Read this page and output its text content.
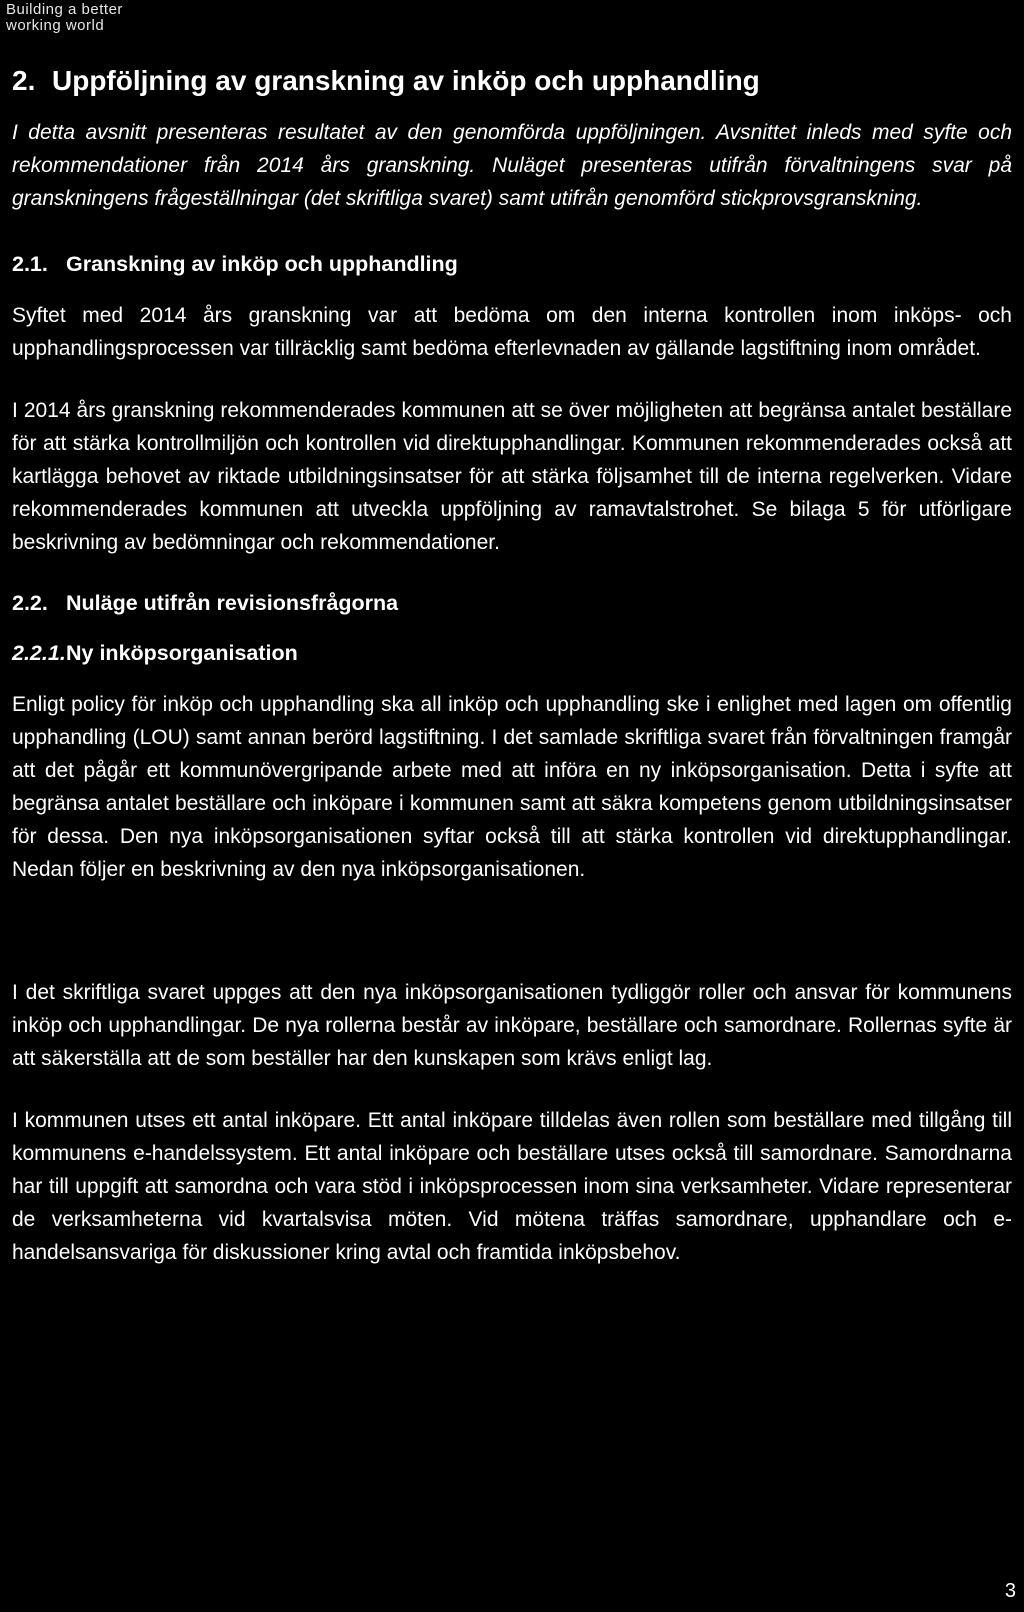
Building a better
working world
2. Uppföljning av granskning av inköp och upphandling

I detta avsnitt presenteras resultatet av den genomförda uppföljningen. Avsnittet inleds med syfte och rekommendationer från 2014 års granskning. Nuläget presenteras utifrån förvaltningens svar på granskningens frågeställningar (det skriftliga svaret) samt utifrån genomförd stickprovsgranskning.

2.1. Granskning av inköp och upphandling

Syftet med 2014 års granskning var att bedöma om den interna kontrollen inom inköps- och upphandlingsprocessen var tillräcklig samt bedöma efterlevnaden av gällande lagstiftning inom området.

I 2014 års granskning rekommenderades kommunen att se över möjligheten att begränsa antalet beställare för att stärka kontrollmiljön och kontrollen vid direktupphandlingar. Kommunen rekommenderades också att kartlägga behovet av riktade utbildningsinsatser för att stärka följsamhet till de interna regelverken. Vidare rekommenderades kommunen att utveckla uppföljning av ramavtalstrohet. Se bilaga 5 för utförligare beskrivning av bedömningar och rekommendationer.

2.2. Nuläge utifrån revisionsfrågorna
2.2.1. Ny inköpsorganisation

Enligt policy för inköp och upphandling ska all inköp och upphandling ske i enlighet med lagen om offentlig upphandling (LOU) samt annan berörd lagstiftning. I det samlade skriftliga svaret från förvaltningen framgår att det pågår ett kommunövergripande arbete med att införa en ny inköpsorganisation. Detta i syfte att begränsa antalet beställare och inköpare i kommunen samt att säkra kompetens genom utbildningsinsatser för dessa. Den nya inköpsorganisationen syftar också till att stärka kontrollen vid direktupphandlingar. Nedan följer en beskrivning av den nya inköpsorganisationen.

I det skriftliga svaret uppges att den nya inköpsorganisationen tydliggör roller och ansvar för kommunens inköp och upphandlingar. De nya rollerna består av inköpare, beställare och samordnare. Rollernas syfte är att säkerställa att de som beställer har den kunskapen som krävs enligt lag.

I kommunen utses ett antal inköpare. Ett antal inköpare tilldelas även rollen som beställare med tillgång till kommunens e-handelssystem. Ett antal inköpare och beställare utses också till samordnare. Samordnarna har till uppgift att samordna och vara stöd i inköpsprocessen inom sina verksamheter. Vidare representerar de verksamheterna vid kvartalsvisa möten. Vid mötena träffas samordnare, upphandlare och e-handelsansvariga för diskussioner kring avtal och framtida inköpsbehov.

3
